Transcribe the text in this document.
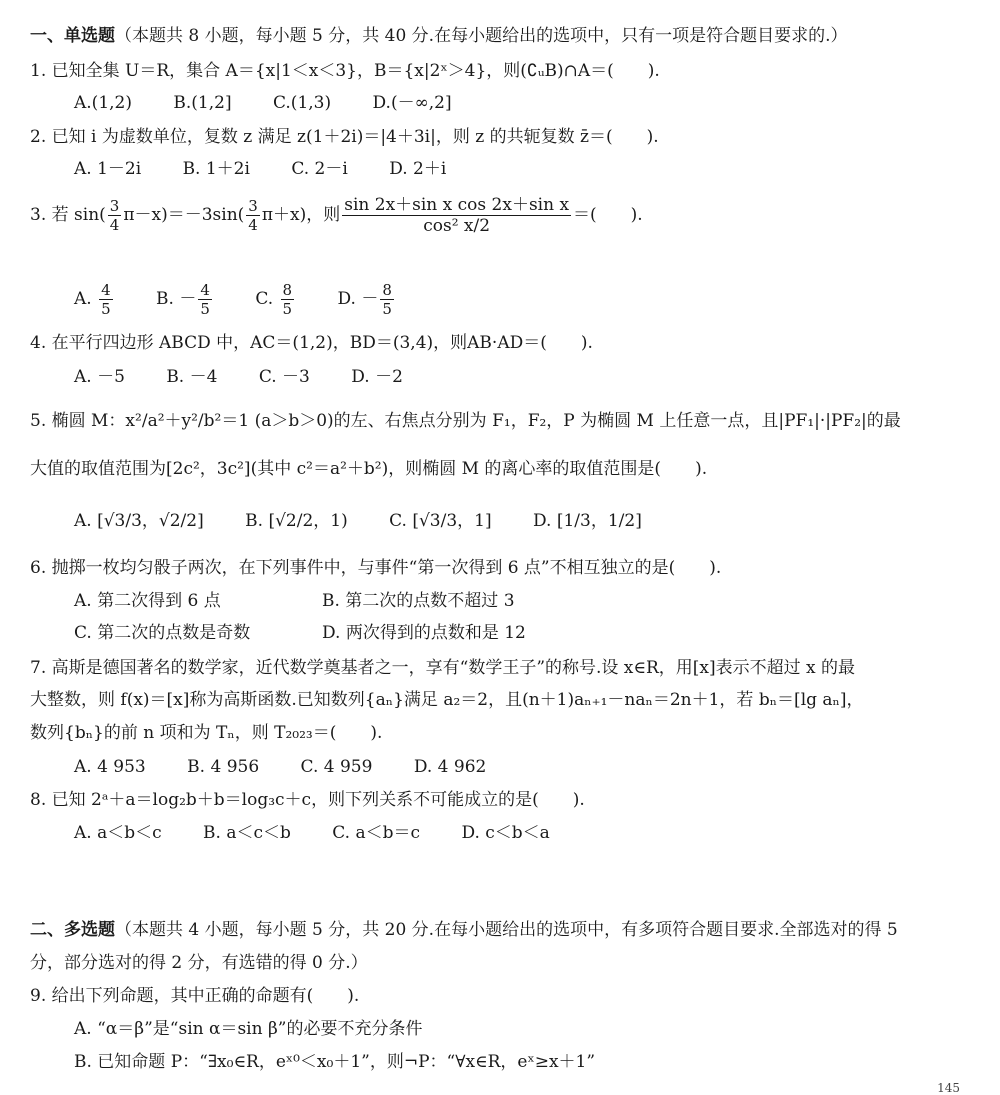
一、单选题（本题共 8 小题，每小题 5 分，共 40 分.在每小题给出的选项中，只有一项是符合题目要求的.）
1. 已知全集 U＝R，集合 A＝{x|1＜x＜3}，B＝{x|2ˣ＞4}，则(∁ᵤB)∩A＝(　　).
A.(1,2) B.(1,2] C.(1,3) D.(－∞,2]
2. 已知 i 为虚数单位，复数 z 满足 z(1＋2i)＝|4＋3i|，则 z 的共轭复数 z̄＝(　　).
A. 1－2i B. 1＋2i C. 2－i D. 2＋i
3. 若 $\sin( \frac{3}{4} \pi-x)=-3\sin( \frac{3}{4} \pi+x)$，则 $\frac{\text{sin 2x＋sin x cos 2x＋sin x}}{\text{cos² x/2}}$ ＝(　　).
A. $\frac{4}{5}$	B. － $\frac{4}{5}$	C. $\frac{8}{5}$	D. － $\frac{8}{5}$
4. 在平行四边形 ABCD 中，AC＝(1,2)，BD＝(3,4)，则AB·AD＝(　　).
A. －5 B. －4 C. －3 D. －2
5. 椭圆 M：x²/a²＋y²/b²＝1 (a＞b＞0)的左、右焦点分别为 F₁，F₂，P 为椭圆 M 上任意一点，且|PF₁|·|PF₂|的最
大值的取值范围为[2c²，3c²](其中 c²＝a²＋b²)，则椭圆 M 的离心率的取值范围是(　　).
A. [√3/3，√2/2] B. [√2/2，1) C. [√3/3，1] D. [1/3，1/2]
6. 抛掷一枚均匀骰子两次，在下列事件中，与事件“第一次得到 6 点”不相互独立的是(　　).
A. 第二次得到 6 点	B. 第二次的点数不超过 3
C. 第二次的点数是奇数	D. 两次得到的点数和是 12
7. 高斯是德国著名的数学家，近代数学奠基者之一，享有“数学王子”的称号.设 x∈R，用[x]表示不超过 x 的最
大整数，则 f(x)＝[x]称为高斯函数.已知数列{aₙ}满足 a₂＝2，且(n＋1)aₙ₊₁－naₙ＝2n＋1，若 bₙ＝[lg aₙ]，
数列{bₙ}的前 n 项和为 Tₙ，则 T₂₀₂₃＝(　　).
A. 4 953 B. 4 956 C. 4 959 D. 4 962
8. 已知 2ᵃ＋a＝log₂b＋b＝log₃c＋c，则下列关系不可能成立的是(　　).
A. a＜b＜c B. a＜c＜b C. a＜b＝c D. c＜b＜a
二、多选题（本题共 4 小题，每小题 5 分，共 20 分.在每小题给出的选项中，有多项符合题目要求.全部选对的得 5
分，部分选对的得 2 分，有选错的得 0 分.）
9. 给出下列命题，其中正确的命题有(　　).
A. “α＝β”是“sin α＝sin β”的必要不充分条件
B. 已知命题 P：“∃x₀∈R，eˣ⁰＜x₀＋1”，则¬P：“∀x∈R，eˣ≥x＋1”
145
